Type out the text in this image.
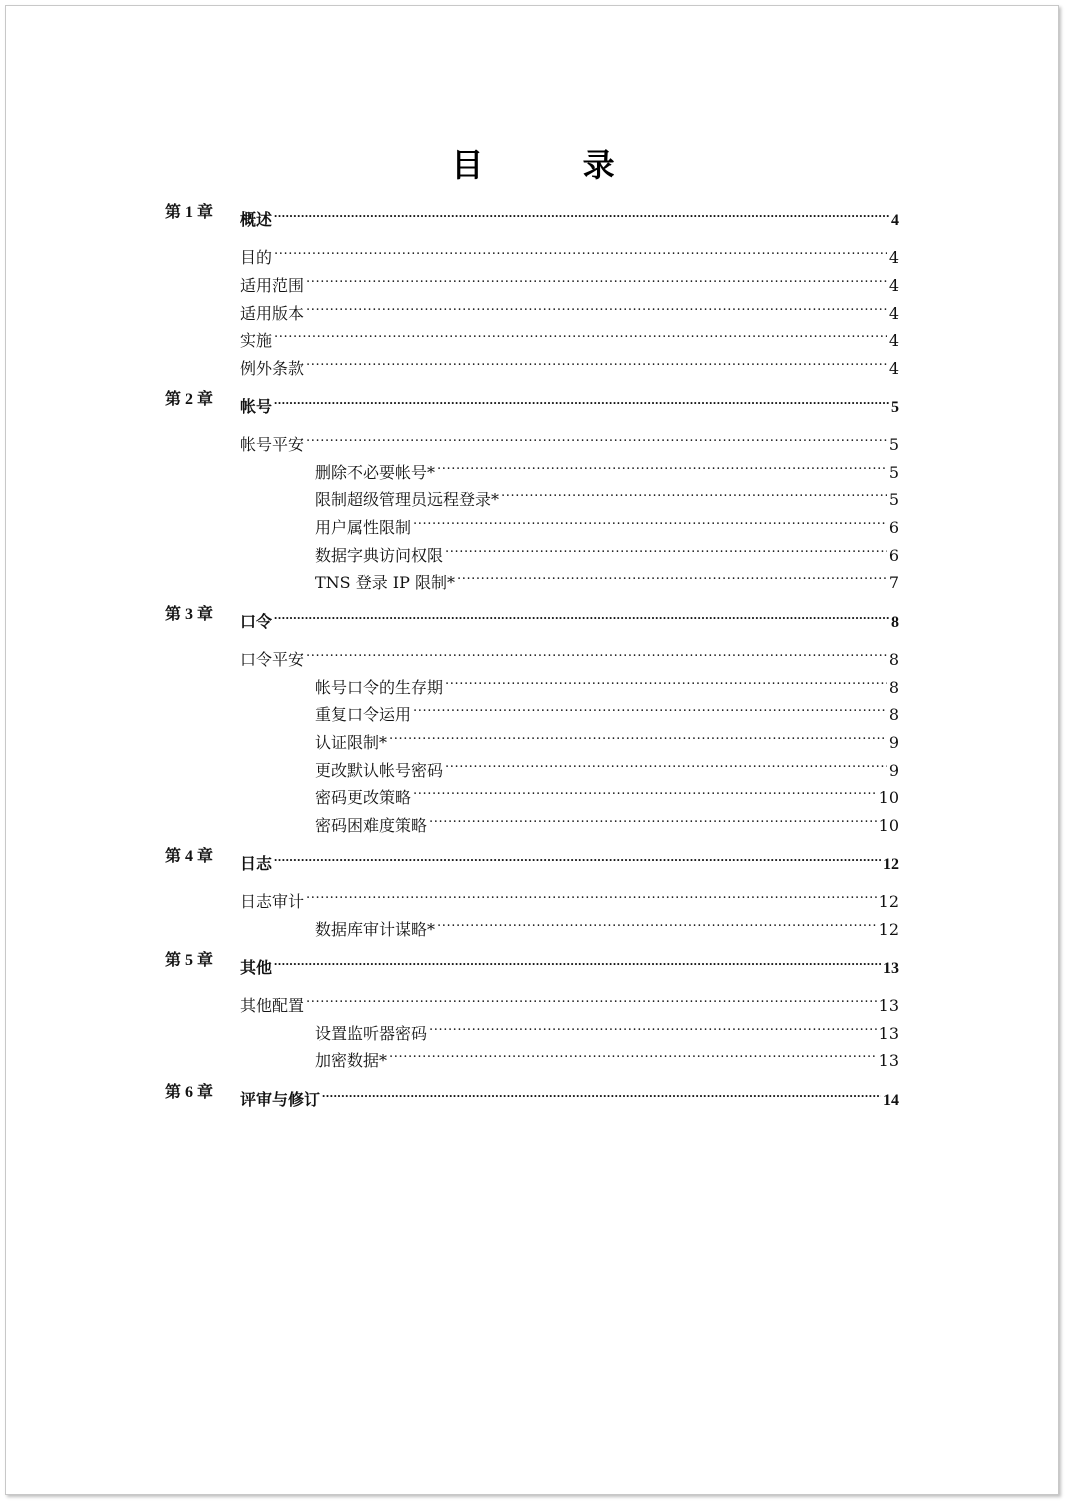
目 录
第 1 章	概述 .....	4
目的 .....	4
适用范围 .....	4
适用版本 .....	4
实施 .....	4
例外条款 .....	4
第 2 章	帐号 .....	5
帐号平安 .....	5
删除不必要帐号* .....	5
限制超级管理员远程登录* .....	5
用户属性限制 .....	6
数据字典访问权限 .....	6
TNS 登录 IP 限制* .....	7
第 3 章	口令 .....	8
口令平安 .....	8
帐号口令的生存期 .....	8
重复口令运用 .....	8
认证限制* .....	9
更改默认帐号密码 .....	9
密码更改策略 .....	10
密码困难度策略 .....	10
第 4 章	日志 .....	12
日志审计 .....	12
数据库审计谋略* .....	12
第 5 章	其他 .....	13
其他配置 .....	13
设置监听器密码 .....	13
加密数据* .....	13
第 6 章	评审与修订 .....	14
